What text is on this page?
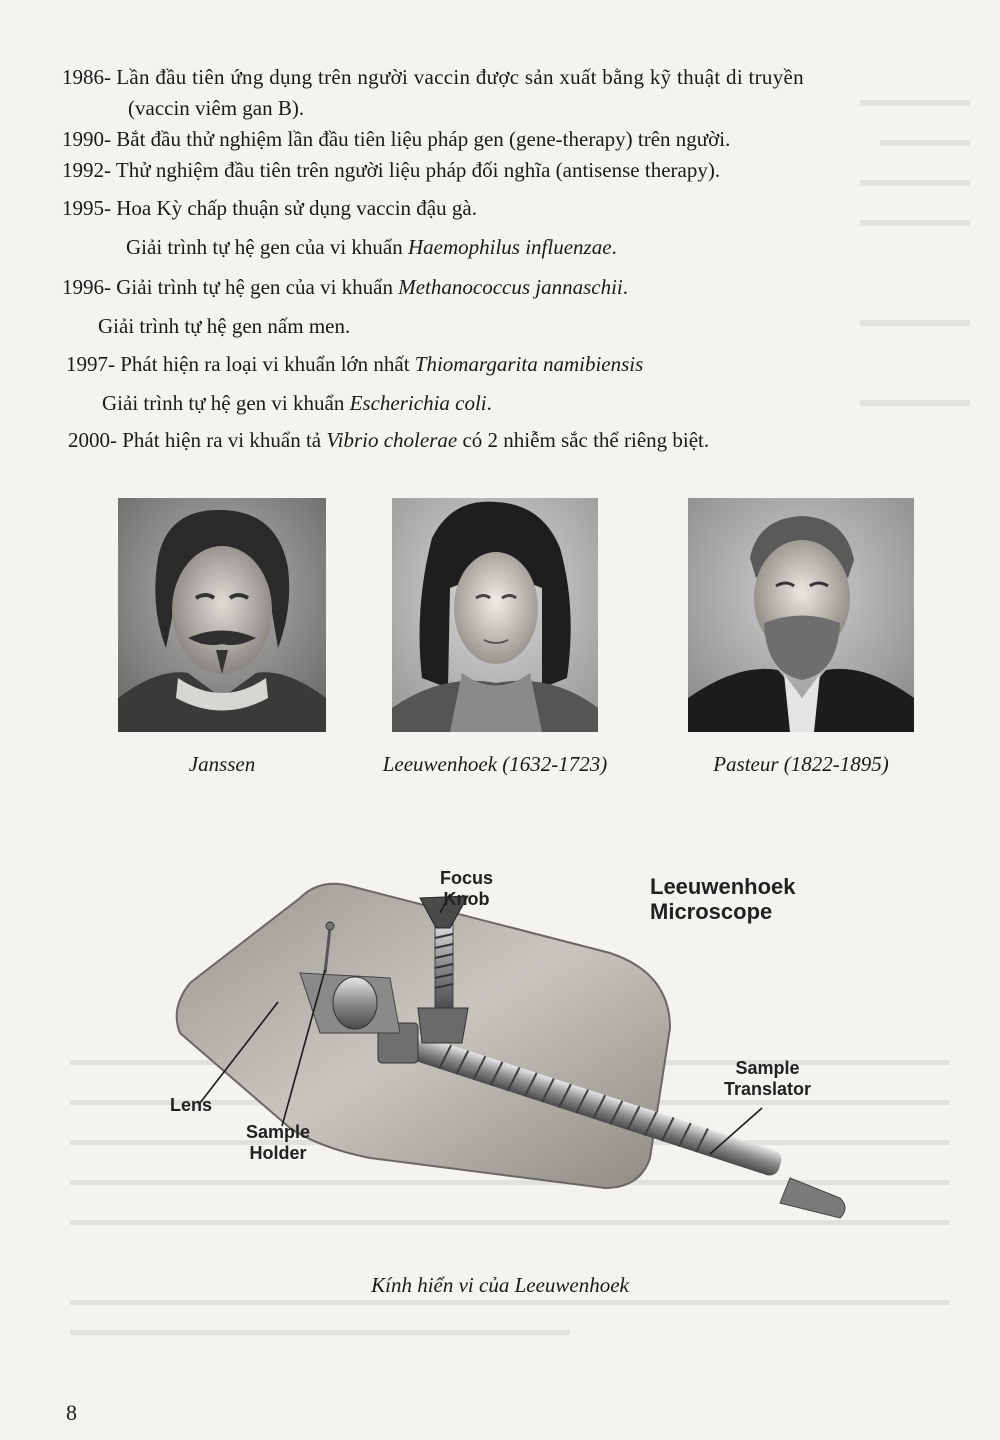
1986- Lần đầu tiên ứng dụng trên người vaccin được sản xuất bằng kỹ thuật di truyền
(vaccin viêm gan B).
1990- Bắt đầu thử nghiệm lần đầu tiên liệu pháp gen (gene-therapy) trên người.
1992- Thử nghiệm đầu tiên trên người liệu pháp đối nghĩa (antisense therapy).
1995- Hoa Kỳ chấp thuận sử dụng vaccin đậu gà.
Giải trình tự hệ gen của vi khuẩn Haemophilus influenzae.
1996- Giải trình tự hệ gen của vi khuẩn Methanococcus jannaschii.
Giải trình tự hệ gen nấm men.
1997- Phát hiện ra loại vi khuẩn lớn nhất Thiomargarita namibiensis
Giải trình tự hệ gen vi khuẩn Escherichia coli.
2000- Phát hiện ra vi khuẩn tả Vibrio cholerae có 2 nhiễm sắc thể riêng biệt.
Janssen	Leeuwenhoek (1632-1723)	Pasteur (1822-1895)
Focus
Knob	Leeuwenhoek
Microscope
Lens
Sample
Holder
Sample
Translator
Kính hiển vi của Leeuwenhoek
8
